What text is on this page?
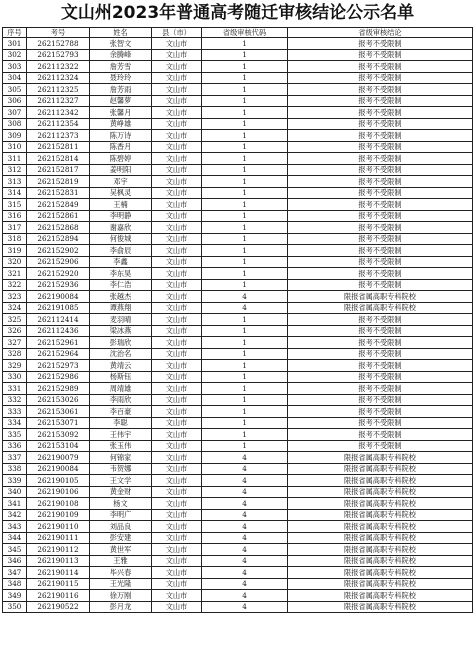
文山州2023年普通高考随迁审核结论公示名单
序号	考号	姓名	县（市）	省级审核代码	省级审核结论
301	262152788	张智文	文山市	1	报考不受限制
302	262152793	余腾峰	文山市	1	报考不受限制
303	262112322	詹芳雪	文山市	1	报考不受限制
304	262112324	聂玲玲	文山市	1	报考不受限制
305	262112325	詹芳雨	文山市	1	报考不受限制
306	262112327	赵馨萝	文山市	1	报考不受限制
307	262112342	张馨月	文山市	1	报考不受限制
308	262112354	黄峥雄	文山市	1	报考不受限制
309	262112373	陈万诗	文山市	1	报考不受限制
310	262152811	陈香月	文山市	1	报考不受限制
311	262152814	陈碧婷	文山市	1	报考不受限制
312	262152817	姜明阳	文山市	1	报考不受限制
313	262152819	邓宇	文山市	1	报考不受限制
314	262152831	吴枫灵	文山市	1	报考不受限制
315	262152849	王楠	文山市	1	报考不受限制
316	262152861	李明静	文山市	1	报考不受限制
317	262152868	谢嘉欣	文山市	1	报考不受限制
318	262152894	何俊城	文山市	1	报考不受限制
319	262152902	李俞辰	文山市	1	报考不受限制
320	262152906	李鑫	文山市	1	报考不受限制
321	262152920	李东昊	文山市	1	报考不受限制
322	262152936	李仁浩	文山市	1	报考不受限制
323	262190084	张越杰	文山市	4	限报省属高职专科院校
324	262191085	谭燕翔	文山市	4	限报省属高职专科院校
325	262112414	麦羽晴	文山市	1	报考不受限制
326	262112436	梁冰燕	文山市	1	报考不受限制
327	262152961	彭瑞欣	文山市	1	报考不受限制
328	262152964	沈治名	文山市	1	报考不受限制
329	262152973	黄靖云	文山市	1	报考不受限制
330	262152986	杨斯钰	文山市	1	报考不受限制
331	262152989	周靖雄	文山市	1	报考不受限制
332	262153026	李雨欣	文山市	1	报考不受限制
333	262153061	李百豪	文山市	1	报考不受限制
334	262153071	李聪	文山市	1	报考不受限制
335	262153092	王伟宇	文山市	1	报考不受限制
336	262153104	张玉伟	文山市	1	报考不受限制
337	262190079	何锦家	文山市	4	限报省属高职专科院校
338	262190084	韦贺娜	文山市	4	限报省属高职专科院校
339	262190105	王文学	文山市	4	限报省属高职专科院校
340	262190106	黄金财	文山市	4	限报省属高职专科院校
341	262190108	杨文	文山市	4	限报省属高职专科院校
342	262190109	李明广	文山市	4	限报省属高职专科院校
343	262190110	刘品良	文山市	4	限报省属高职专科院校
344	262190111	彭安建	文山市	4	限报省属高职专科院校
345	262190112	黄世军	文山市	4	限报省属高职专科院校
346	262190113	王雅	文山市	4	限报省属高职专科院校
347	262190114	毕兴春	文山市	4	限报省属高职专科院校
348	262190115	王光隆	文山市	4	限报省属高职专科院校
349	262190116	徐万刚	文山市	4	限报省属高职专科院校
350	262190522	彭月龙	文山市	4	限报省属高职专科院校
